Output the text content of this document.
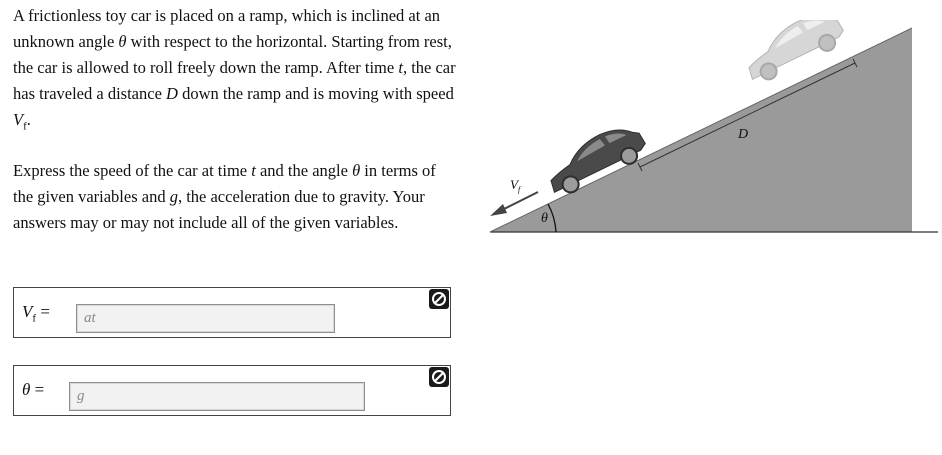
A frictionless toy car is placed on a ramp, which is inclined at an unknown angle θ with respect to the horizontal. Starting from rest, the car is allowed to roll freely down the ramp. After time t, the car has traveled a distance D down the ramp and is moving with speed $V_f$.

Express the speed of the car at time t and the angle θ in terms of the given variables and g, the acceleration due to gravity. Your answers may or may not include all of the given variables.

$V_f$ =	at
θ =	g
θ
D
$V_f$
